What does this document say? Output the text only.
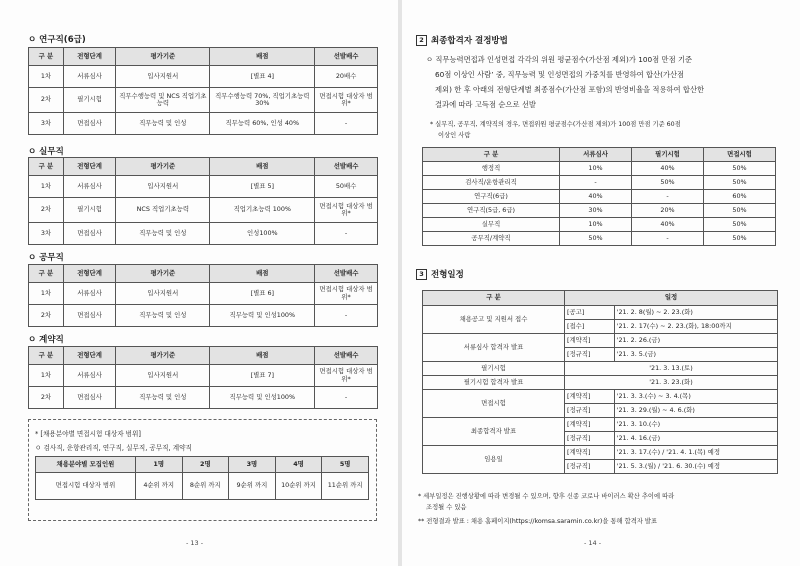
ㅇ 연구직(6급)
구 분	전형단계	평가기준	배점	선발배수
1차	서류심사	입사지원서	[별표 4]	20배수
2차	필기시험	직무수행능력 및 NCS 직업기초능력	직무수행능력 70%, 직업기초능력 30%	면접시험 대상자 범위*
3차	면접심사	직무능력 및 인성	직무능력 60%, 인성 40%	-
ㅇ 실무직
구 분	전형단계	평가기준	배점	선발배수
1차	서류심사	입사지원서	[별표 5]	50배수
2차	필기시험	NCS 직업기초능력	직업기초능력 100%	면접시험 대상자 범위*
3차	면접심사	직무능력 및 인성	인성100%	-
ㅇ 공무직
구 분	전형단계	평가기준	배점	선발배수
1차	서류심사	입사지원서	[별표 6]	면접시험 대상자 범위*
2차	면접심사	직무능력 및 인성	직무능력 및 인성100%	-
ㅇ 계약직
구 분	전형단계	평가기준	배점	선발배수
1차	서류심사	입사지원서	[별표 7]	면접시험 대상자 범위*
2차	면접심사	직무능력 및 인성	직무능력 및 인성100%	-
* [채용분야별 면접시험 대상자 범위]
ㅇ 검사직, 운항관리직, 연구직, 실무직, 공무직, 계약직
채용분야별 모집인원	1명	2명	3명	4명	5명
면접시험 대상자 범위	4순위 까지	8순위 까지	9순위 까지	10순위 까지	11순위 까지
- 13 -
2 최종합격자 결정방법
ㅇ 직무능력면접과 인성면접 각각의 위원 평균점수(가산점 제외)가 100점 만점 기준
60점 이상인 사람’ 중, 직무능력 및 인성면접의 가중치를 반영하여 합산(가산점
제외) 한 후 아래의 전형단계별 최종점수(가산점 포함)의 반영비율을 적용하여 합산한
결과에 따라 고득점 순으로 선발
* 실무직, 공무직, 계약직의 경우, 면접위원 평균점수(가산점 제외)가 100점 만점 기준 60점
이상인 사람
구 분	서류심사	필기시험	면접시험
행정직	10%	40%	50%
검사직/운항관리직	-	50%	50%
연구직(6급)	40%	-	60%
연구직(5급, 6급)	30%	20%	50%
실무직	10%	40%	50%
공무직/계약직	50%	-	50%
3 전형일정
구 분	일정	
채용공고 및 지원서 접수	[공고]	'21. 2. 8(월) ~ 2. 23.(화)
	[접수]	'21. 2. 17(수) ~ 2. 23.(화), 18:00까지
서류심사 합격자 발표	[계약직]	'21. 2. 26.(금)
	[정규직]	'21. 3. 5.(금)
필기시험	'21. 3. 13.(토)	
필기시험 합격자 발표	'21. 3. 23.(화)	
면접시험	[계약직]	'21. 3. 3.(수) ~ 3. 4.(목)
	[정규직]	'21. 3. 29.(월) ~ 4. 6.(화)
최종합격자 발표	[계약직]	'21. 3. 10.(수)
	[정규직]	'21. 4. 16.(금)
임용일	[계약직]	'21. 3. 17.(수) / '21. 4. 1.(목) 예정
	[정규직]	'21. 5. 3.(월) / '21. 6. 30.(수) 예정
* 세부일정은 진행상황에 따라 변경될 수 있으며, 향후 신종 코로나 바이러스 확산 추이에 따라
조정될 수 있음
** 전형결과 발표 : 채용 홈페이지(https://komsa.saramin.co.kr)을 통해 합격자 발표
- 14 -
